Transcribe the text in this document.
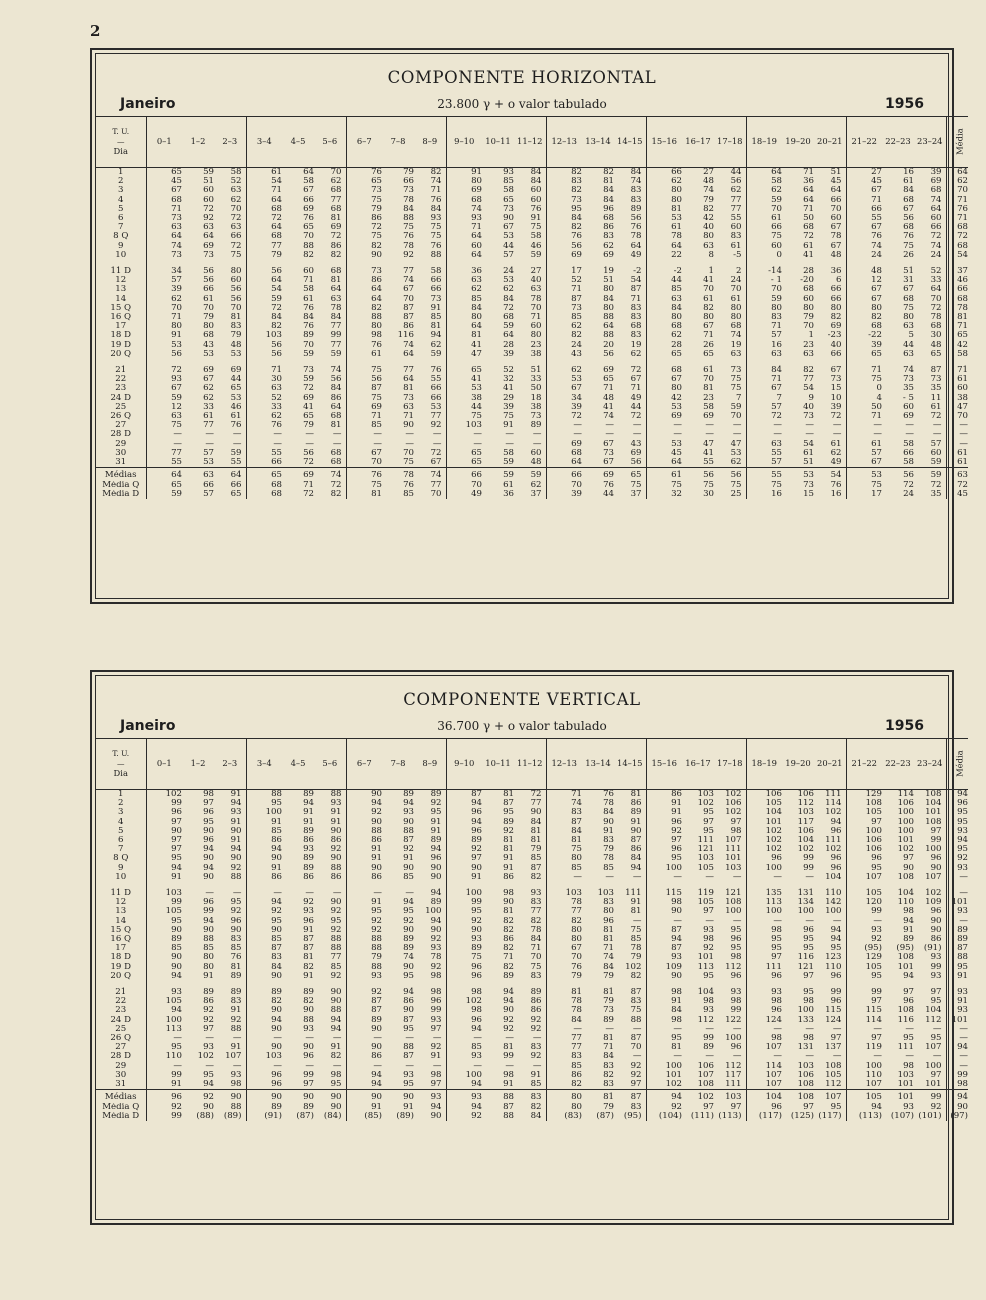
2
COMPONENTE HORIZONTAL
Janeiro	23.800 γ + o valor tabulado	1956
T. U.
—
Dia	0–1	1–2	2–3	3–4	4–5	5–6	6–7	7–8	8–9	9–10	10–11	11–12	12–13	13–14	14–15	15–16	16–17	17–18	18–19	19–20	20–21	21–22	22–23	23–24	Média
1	65	59	58	61	64	70	76	79	82	91	93	84	82	82	84	66	27	44	64	71	51	27	16	39	64
2	45	51	52	54	58	62	65	66	74	80	85	84	83	81	74	62	48	56	58	36	45	45	61	69	62
3	67	60	63	71	67	68	73	73	71	69	58	60	82	84	83	80	74	62	62	64	64	67	84	68	70
4	68	60	62	64	66	77	75	78	76	68	65	60	73	84	83	80	79	77	59	64	66	71	68	74	71
5	71	72	70	68	69	68	79	84	84	74	73	76	95	96	89	81	82	77	70	71	70	66	67	64	76
6	73	92	72	72	76	81	86	88	93	93	90	91	84	68	56	53	42	55	61	50	60	55	56	60	71
7	63	63	63	64	65	69	72	75	75	71	67	75	82	86	76	61	40	60	66	68	67	67	68	66	68
8 Q	64	64	66	68	70	72	75	76	75	64	53	58	76	83	78	78	80	83	75	72	78	76	76	72	72
9	74	69	72	77	88	86	82	78	76	60	44	46	56	62	64	64	63	61	60	61	67	74	75	74	68
10	73	73	75	79	82	82	90	92	88	64	57	59	69	69	49	22	8	-5	0	41	48	24	26	24	54
11 D	34	56	80	56	60	68	73	77	58	36	24	27	17	19	-2	-2	1	2	-14	28	36	48	51	52	37
12	57	56	60	64	71	81	86	74	66	63	53	40	52	51	54	44	41	24	- 1	-20	6	12	31	33	46
13	39	66	56	54	58	64	64	67	66	62	62	63	71	80	87	85	70	70	70	68	66	67	67	64	66
14	62	61	56	59	61	63	64	70	73	85	84	78	87	84	71	63	61	61	59	60	66	67	68	70	68
15 Q	70	70	70	72	76	78	82	87	91	84	72	70	73	80	83	84	82	80	80	80	80	80	75	72	78
16 Q	71	79	81	84	84	84	88	87	85	80	68	71	85	88	83	80	80	80	83	79	82	82	80	78	81
17	80	80	83	82	76	77	80	86	81	64	59	60	62	64	68	68	67	68	71	70	69	68	63	68	71
18 D	91	68	79	103	89	99	98	116	94	81	64	80	82	88	83	62	71	74	57	1	-23	-22	5	30	65
19 D	53	43	48	56	70	77	76	74	62	41	28	23	24	20	19	28	26	19	16	23	40	39	44	48	42
20 Q	56	53	53	56	59	59	61	64	59	47	39	38	43	56	62	65	65	63	63	63	66	65	63	65	58
21	72	69	69	71	73	74	75	77	76	65	52	51	62	69	72	68	61	73	84	82	67	71	74	87	71
22	93	67	44	30	59	56	56	64	55	41	32	33	53	65	67	67	70	75	71	77	73	75	73	73	61
23	67	62	65	63	72	84	87	81	66	53	41	50	67	71	71	80	81	75	67	54	15	0	35	35	60
24 D	59	62	53	52	69	86	75	73	66	38	29	18	34	48	49	42	23	7	7	9	10	4	- 5	11	38
25	12	33	46	33	41	64	69	63	53	44	39	38	39	41	44	53	58	59	57	40	39	50	60	61	47
26 Q	63	61	61	62	65	68	71	71	77	75	75	73	72	74	72	69	69	70	72	73	72	71	69	72	70
27	75	77	76	76	79	81	85	90	92	103	91	89	—	—	—	—	—	—	—	—	—	—	—	—	—
28 D	—	—	—	—	—	—	—	—	—	—	—	—	—	—	—	—	—	—	—	—	—	—	—	—	—
29	—	—	—	—	—	—	—	—	—	—	—	—	69	67	43	53	47	47	63	54	61	61	58	57	—
30	77	57	59	55	56	68	67	70	72	65	58	60	68	73	69	45	41	53	55	61	62	57	66	60	61
31	55	53	55	66	72	68	70	75	67	65	59	48	64	67	56	64	55	62	57	51	49	67	58	59	61
Médias	64	63	64	65	69	74	76	78	74	66	59	59	66	69	65	61	56	56	55	53	54	53	56	59	63
Média Q	65	66	66	68	71	72	75	76	77	70	61	62	70	76	75	75	75	75	75	73	76	75	72	72	72
Média D	59	57	65	68	72	82	81	85	70	49	36	37	39	44	37	32	30	25	16	15	16	17	24	35	45
COMPONENTE VERTICAL
Janeiro	36.700 γ + o valor tabulado	1956
T. U.
—
Dia	0–1	1–2	2–3	3–4	4–5	5–6	6–7	7–8	8–9	9–10	10–11	11–12	12–13	13–14	14–15	15–16	16–17	17–18	18–19	19–20	20–21	21–22	22–23	23–24	Média
1	102	98	91	88	89	88	90	89	89	87	81	72	71	76	81	86	103	102	106	106	111	129	114	108	94
2	99	97	94	95	94	93	94	94	92	94	87	77	74	78	86	91	102	106	105	112	114	108	106	104	96
3	96	96	93	100	91	91	92	93	95	96	95	90	83	84	89	91	95	102	104	103	102	105	100	101	95
4	97	95	91	91	91	91	90	90	91	94	89	84	87	90	91	96	97	97	101	117	94	97	100	108	95
5	90	90	90	85	89	90	88	88	91	96	92	81	84	91	90	92	95	98	102	106	96	100	100	97	93
6	97	96	91	86	86	86	86	87	89	89	81	81	81	83	87	97	111	107	102	104	111	106	101	99	94
7	97	94	94	94	93	92	91	92	94	92	81	79	75	79	86	96	121	111	102	102	102	106	102	100	95
8 Q	95	90	90	90	89	90	91	91	96	97	91	85	80	78	84	95	103	101	96	99	96	96	97	96	92
9	94	94	92	91	89	88	90	90	90	90	91	87	85	85	94	100	105	103	100	99	96	95	90	90	93
10	91	90	88	86	86	86	86	85	90	91	86	82	—	—	—	—	—	—	—	—	104	107	108	107	—
11 D	103	—	—	—	—	—	—	—	94	100	98	93	103	103	111	115	119	121	135	131	110	105	104	102	—
12	99	96	95	94	92	90	91	94	89	99	90	83	78	83	91	98	105	108	113	134	142	120	110	109	101
13	105	99	92	92	93	92	95	95	100	95	81	77	77	80	81	90	97	100	100	100	100	99	98	96	93
14	95	94	96	95	96	95	92	92	94	92	82	82	82	96	—	—	—	—	—	—	—	—	94	90	—
15 Q	90	90	90	90	91	92	92	90	90	90	82	78	80	81	75	87	93	95	98	96	94	93	91	90	89
16 Q	89	88	83	85	87	88	88	89	92	93	86	84	80	81	85	94	98	96	95	95	94	92	89	86	89
17	85	85	85	87	87	88	88	89	93	89	82	71	67	71	78	87	92	95	95	95	95	(95)	(95)	(91)	87
18 D	90	80	76	83	81	77	79	74	78	75	71	70	70	74	79	93	101	98	97	116	123	129	108	93	88
19 D	90	80	81	84	82	85	88	90	92	96	82	75	76	84	102	109	113	112	111	121	110	105	101	99	95
20 Q	94	91	89	90	91	92	93	95	98	96	89	83	79	79	82	90	95	96	96	97	96	95	94	93	91
21	93	89	89	89	89	90	92	94	98	98	94	89	81	81	87	98	104	93	93	95	99	99	97	97	93
22	105	86	83	82	82	90	87	86	96	102	94	86	78	79	83	91	98	98	98	98	96	97	96	95	91
23	94	92	91	90	90	88	87	90	99	98	90	86	78	73	75	84	93	99	96	100	115	115	108	104	93
24 D	100	92	92	94	88	94	89	87	93	96	92	92	84	89	88	98	112	122	124	133	124	114	116	112	101
25	113	97	88	90	93	94	90	95	97	94	92	92	—	—	—	—	—	—	—	—	—	—	—	—	—
26 Q	—	—	—	—	—	—	—	—	—	—	—	—	77	81	87	95	99	100	98	98	97	97	95	95	—
27	95	93	91	90	90	91	90	88	92	85	81	83	77	71	70	81	89	96	107	131	137	119	111	107	94
28 D	110	102	107	103	96	82	86	87	91	93	99	92	83	84	—	—	—	—	—	—	—	—	—	—	—
29	—	—	—	—	—	—	—	—	—	—	—	—	85	83	92	100	106	112	114	103	108	100	98	100	—
30	99	95	93	96	99	98	94	93	98	100	98	91	86	82	92	101	107	117	107	106	105	110	103	97	99
31	91	94	98	96	97	95	94	95	97	94	91	85	82	83	97	102	108	111	107	108	112	107	101	101	98
Médias	96	92	90	90	90	90	90	90	93	93	88	83	80	81	87	94	102	103	104	108	107	105	101	99	94
Média Q	92	90	88	89	89	90	91	91	94	94	87	82	80	79	83	92	97	97	96	97	95	94	93	92	90
Média D	99	(88)	(89)	(91)	(87)	(84)	(85)	(89)	90	92	88	84	(83)	(87)	(95)	(104)	(111)	(113)	(117)	(125)	(117)	(113)	(107)	(101)	(97)
